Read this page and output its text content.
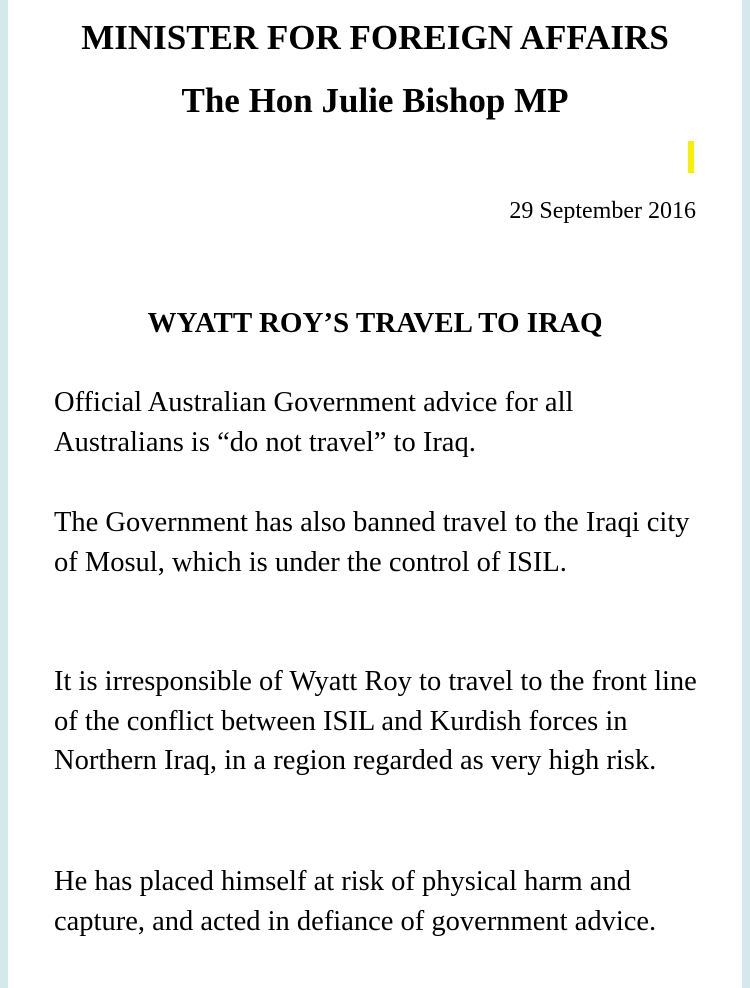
MINISTER FOR FOREIGN AFFAIRS
The Hon Julie Bishop MP

29 September 2016

WYATT ROY’S TRAVEL TO IRAQ

Official Australian Government advice for all Australians is “do not travel” to Iraq.

The Government has also banned travel to the Iraqi city of Mosul, which is under the control of ISIL.

It is irresponsible of Wyatt Roy to travel to the front line of the conflict between ISIL and Kurdish forces in Northern Iraq, in a region regarded as very high risk.

He has placed himself at risk of physical harm and capture, and acted in defiance of government advice.
